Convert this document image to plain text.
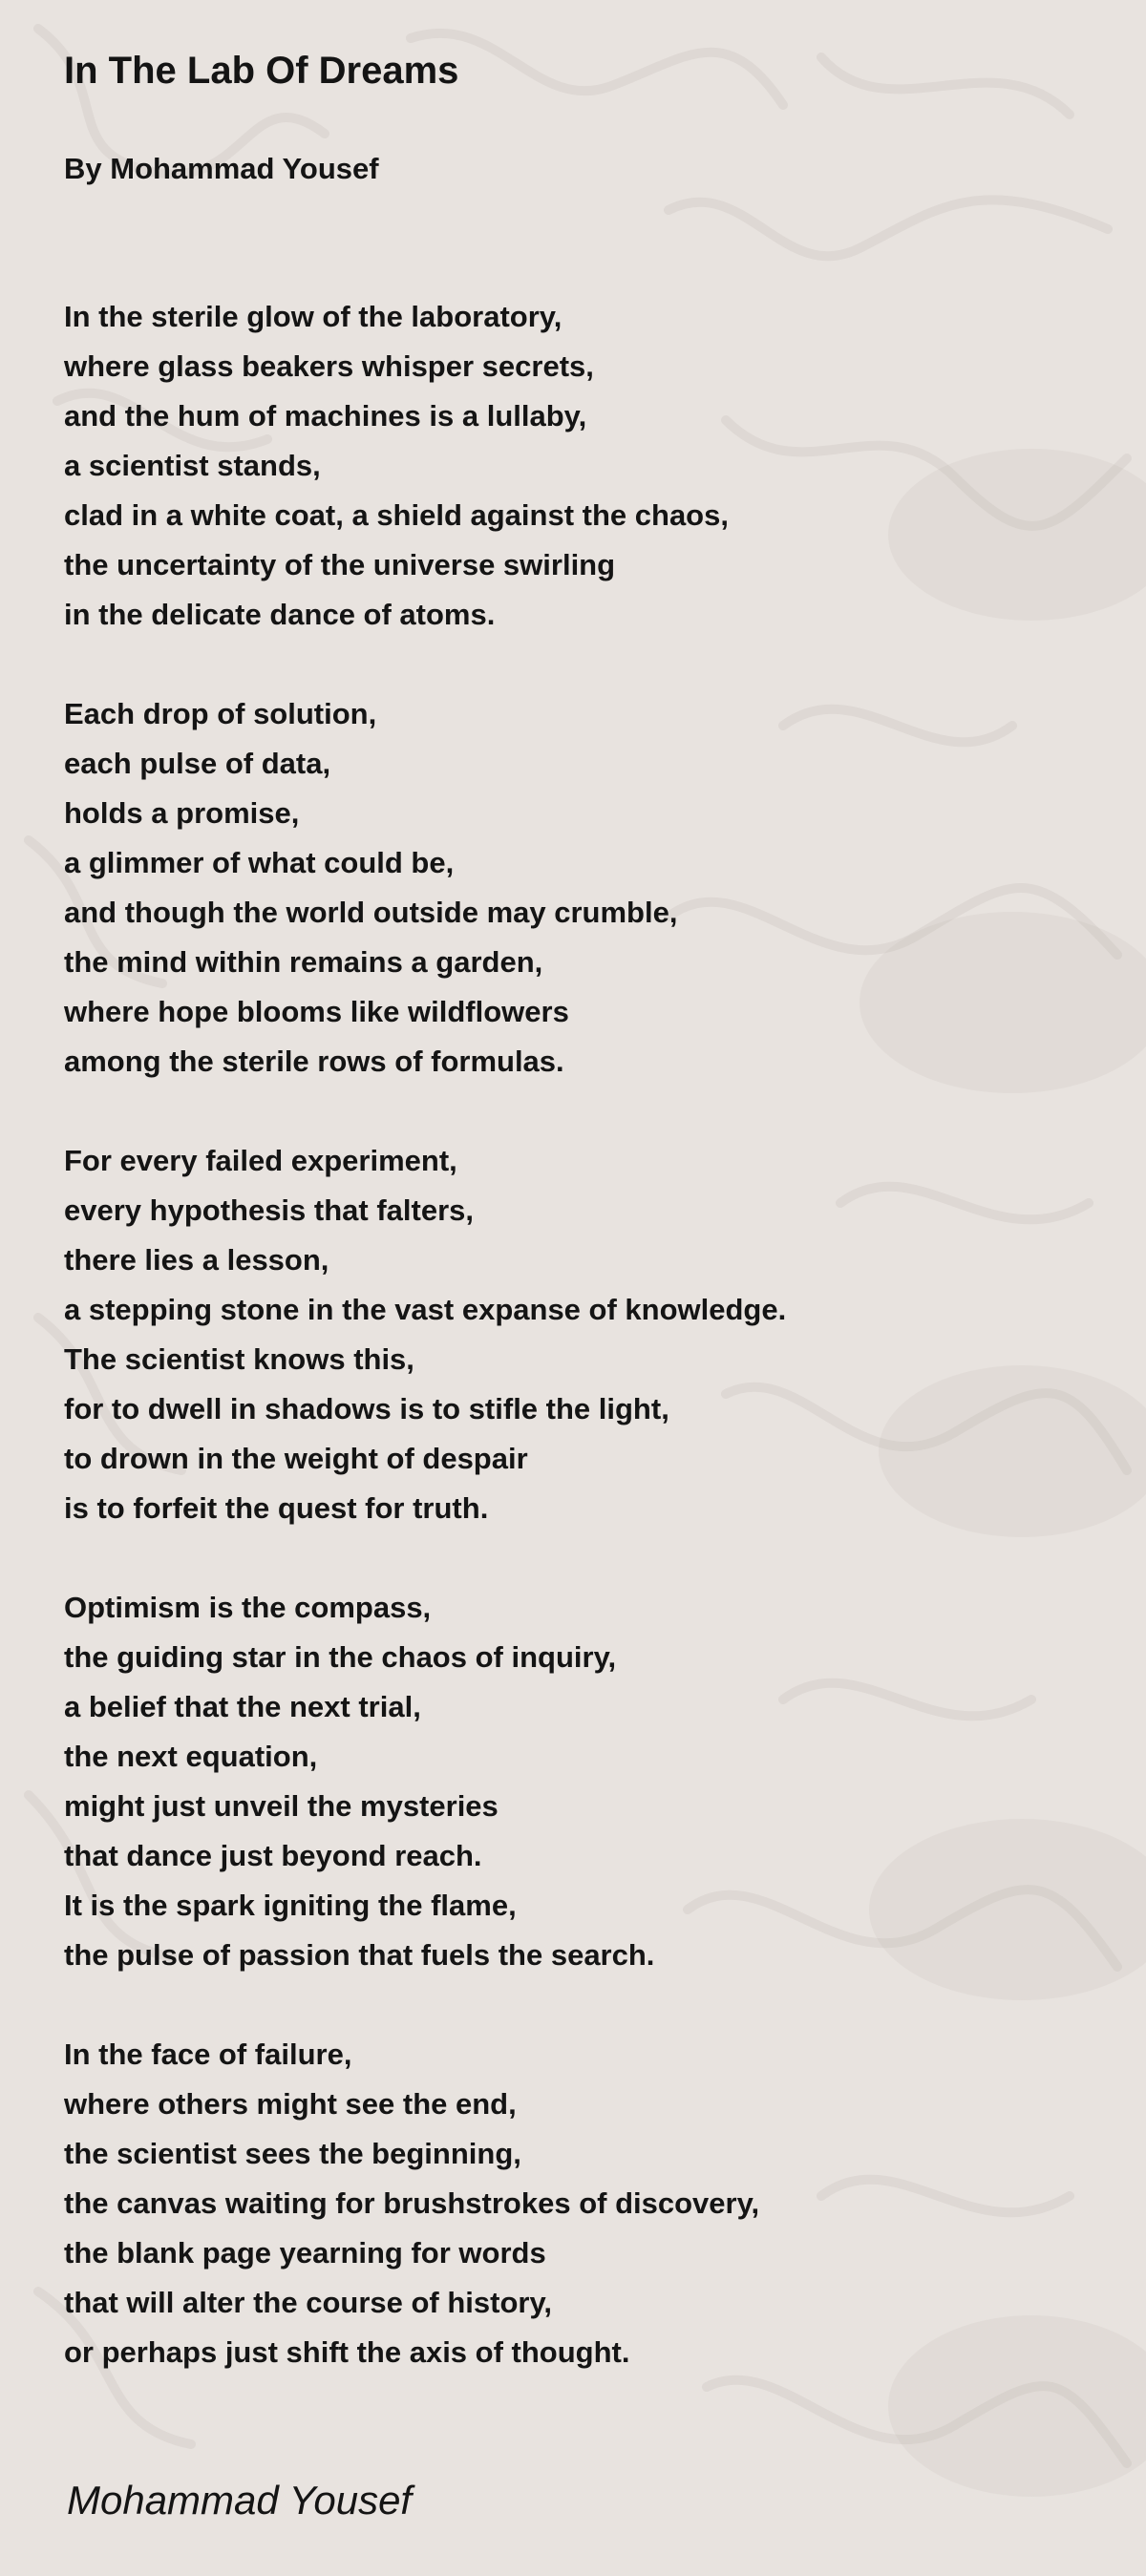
In The Lab Of Dreams
By Mohammad Yousef
In the sterile glow of the laboratory,
where glass beakers whisper secrets,
and the hum of machines is a lullaby,
a scientist stands,
clad in a white coat, a shield against the chaos,
the uncertainty of the universe swirling
in the delicate dance of atoms.
Each drop of solution,
each pulse of data,
holds a promise,
a glimmer of what could be,
and though the world outside may crumble,
the mind within remains a garden,
where hope blooms like wildflowers
among the sterile rows of formulas.
For every failed experiment,
every hypothesis that falters,
there lies a lesson,
a stepping stone in the vast expanse of knowledge.
The scientist knows this,
for to dwell in shadows is to stifle the light,
to drown in the weight of despair
is to forfeit the quest for truth.
Optimism is the compass,
the guiding star in the chaos of inquiry,
a belief that the next trial,
the next equation,
might just unveil the mysteries
that dance just beyond reach.
It is the spark igniting the flame,
the pulse of passion that fuels the search.
In the face of failure,
where others might see the end,
the scientist sees the beginning,
the canvas waiting for brushstrokes of discovery,
the blank page yearning for words
that will alter the course of history,
or perhaps just shift the axis of thought.

Mohammad Yousef
